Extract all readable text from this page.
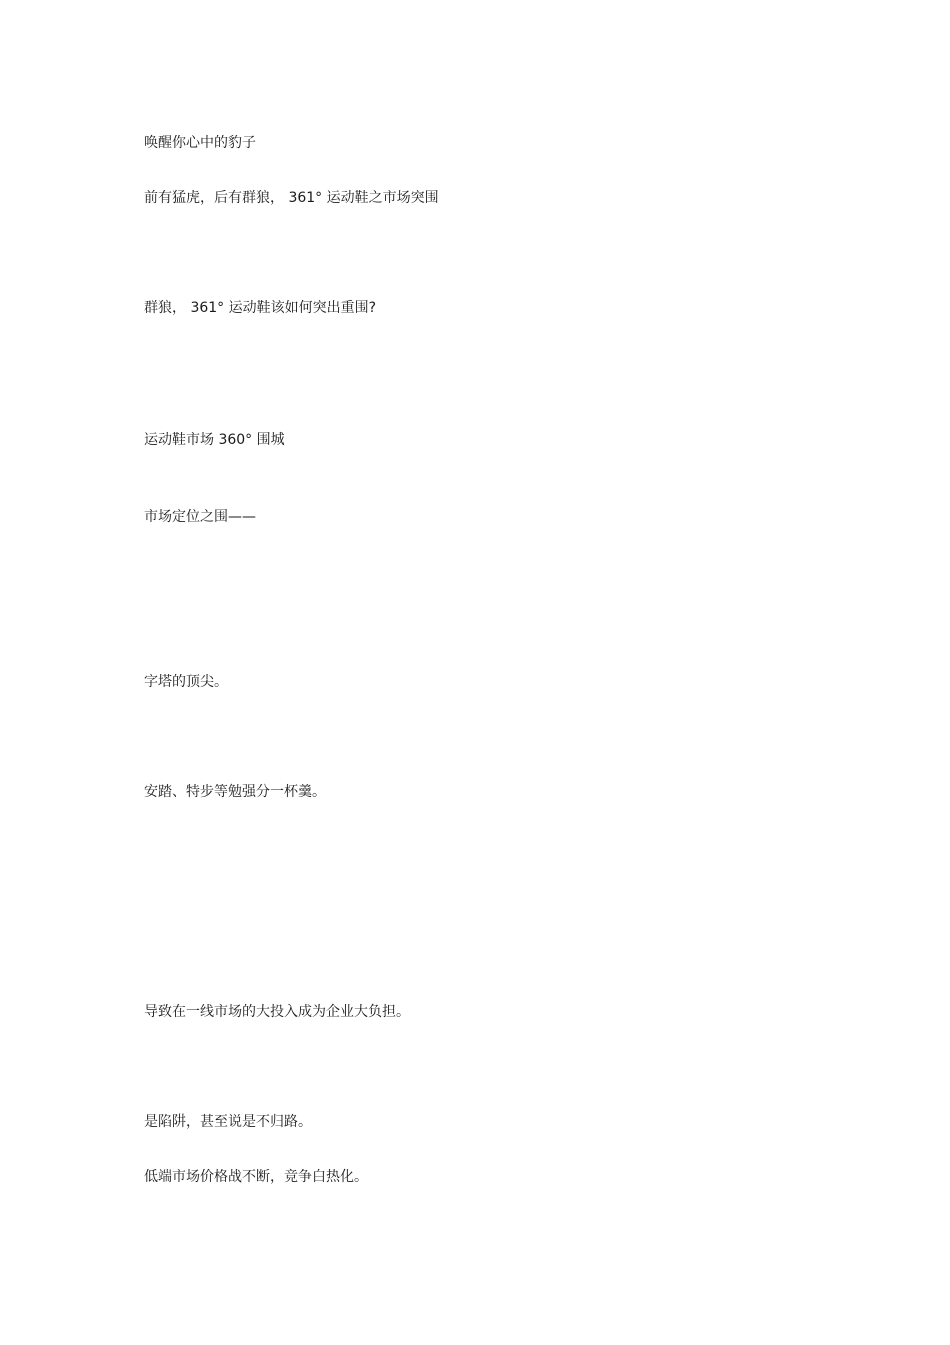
唤醒你心中的豹子
前有猛虎，后有群狼， 361° 运动鞋之市场突围
群狼， 361° 运动鞋该如何突出重围?
运动鞋市场 360° 围城
市场定位之围——
字塔的顶尖。
安踏、特步等勉强分一杯羹。
导致在一线市场的大投入成为企业大负担。
是陷阱，甚至说是不归路。
低端市场价格战不断，竞争白热化。
